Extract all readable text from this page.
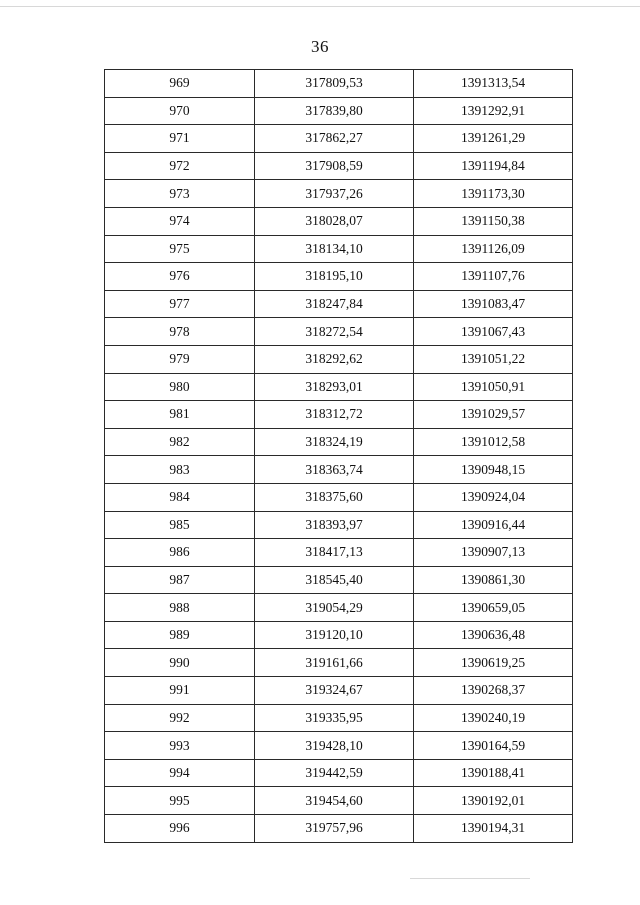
36
969	317809,53	1391313,54
970	317839,80	1391292,91
971	317862,27	1391261,29
972	317908,59	1391194,84
973	317937,26	1391173,30
974	318028,07	1391150,38
975	318134,10	1391126,09
976	318195,10	1391107,76
977	318247,84	1391083,47
978	318272,54	1391067,43
979	318292,62	1391051,22
980	318293,01	1391050,91
981	318312,72	1391029,57
982	318324,19	1391012,58
983	318363,74	1390948,15
984	318375,60	1390924,04
985	318393,97	1390916,44
986	318417,13	1390907,13
987	318545,40	1390861,30
988	319054,29	1390659,05
989	319120,10	1390636,48
990	319161,66	1390619,25
991	319324,67	1390268,37
992	319335,95	1390240,19
993	319428,10	1390164,59
994	319442,59	1390188,41
995	319454,60	1390192,01
996	319757,96	1390194,31
